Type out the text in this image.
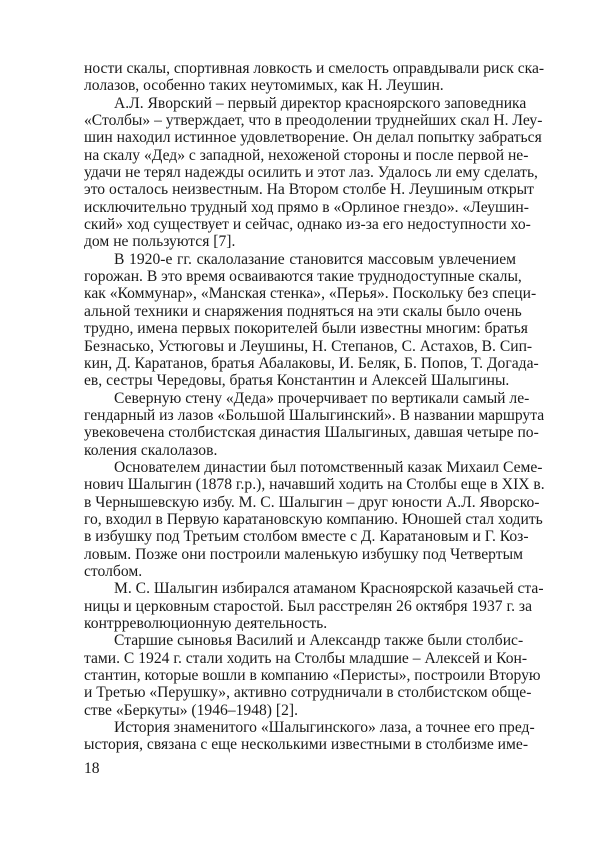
ности скалы, спортивная ловкость и смелость оправдывали риск ска-
лолазов, особенно таких неутомимых, как Н. Леушин.
А.Л. Яворский – первый директор красноярского заповедника
«Столбы» – утверждает, что в преодолении труднейших скал Н. Леу-
шин находил истинное удовлетворение. Он делал попытку забраться
на скалу «Дед» с западной, нехоженой стороны и после первой не-
удачи не терял надежды осилить и этот лаз. Удалось ли ему сделать,
это осталось неизвестным. На Втором столбе Н. Леушиным открыт
исключительно трудный ход прямо в «Орлиное гнездо». «Леушин-
ский» ход существует и сейчас, однако из-за его недоступности хо-
дом не пользуются [7].
В 1920-е гг. скалолазание становится массовым увлечением
горожан. В это время осваиваются такие труднодоступные скалы,
как «Коммунар», «Манская стенка», «Перья». Поскольку без специ-
альной техники и снаряжения подняться на эти скалы было очень
трудно, имена первых покорителей были известны многим: братья
Безнасько, Устюговы и Леушины, Н. Степанов, С. Астахов, В. Сип-
кин, Д. Каратанов, братья Абалаковы, И. Беляк, Б. Попов, Т. Догада-
ев, сестры Чередовы, братья Константин и Алексей Шалыгины.
Северную стену «Деда» прочерчивает по вертикали самый ле-
гендарный из лазов «Большой Шалыгинский». В названии маршрута
увековечена столбистская династия Шалыгиных, давшая четыре по-
коления скалолазов.
Основателем династии был потомственный казак Михаил Семе-
нович Шалыгин (1878 г.р.), начавший ходить на Столбы еще в XIX в.
в Чернышевскую избу. М. С. Шалыгин – друг юности А.Л. Яворско-
го, входил в Первую каратановскую компанию. Юношей стал ходить
в избушку под Третьим столбом вместе с Д. Каратановым и Г. Коз-
ловым. Позже они построили маленькую избушку под Четвертым
столбом.
М. С. Шалыгин избирался атаманом Красноярской казачьей ста-
ницы и церковным старостой. Был расстрелян 26 октября 1937 г. за
контрреволюционную деятельность.
Старшие сыновья Василий и Александр также были столбис-
тами. С 1924 г. стали ходить на Столбы младшие – Алексей и Кон-
стантин, которые вошли в компанию «Перисты», построили Вторую
и Третью «Перушку», активно сотрудничали в столбистском обще-
стве «Беркуты» (1946–1948) [2].
История знаменитого «Шалыгинского» лаза, а точнее его пред-
ыстория, связана с еще несколькими известными в столбизме име-
18
